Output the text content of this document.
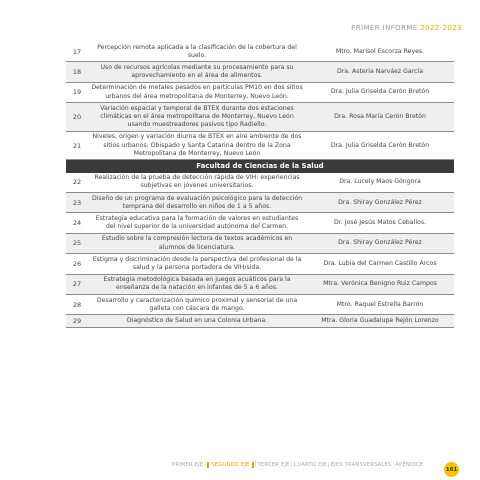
PRIMER INFORME 2022-2023
17	Percepción remota aplicada a la clasificación de la cobertura del suelo.	Mtro. Marisol Escorza Reyes.
18	Uso de recursos agrícolas mediante su procesamiento para su aprovechamiento en el área de alimentos.	Dra. Asteria Narváez García
19	Determinación de metales pesados en partículas PM10 en dos sitios urbanos del área metropolitana de Monterrey, Nuevo León.	Dra. Julia Griselda Cerón Bretón
20	Variación espacial y temporal de BTEX durante dos estaciones climáticas en el área metropolitana de Monterrey, Nuevo León usando muestreadores pasivos tipo Radiello.	Dra. Rosa María Cerón Bretón
21	Niveles, origen y variación diurna de BTEX en aire ambiente de dos sitios urbanos: Obispado y Santa Catarina dentro de la Zona Metropolitana de Monterrey, Nuevo León	Dra. Julia Griselda Cerón Bretón
Facultad de Ciencias de la Salud		
22	Realización de la prueba de detección rápida de VIH: experiencias subjetivas en jóvenes universitarios.	Dra. Lucely Maos Góngora
23	Diseño de un programa de evaluación psicológico para la detección temprana del desarrollo en niños de 1 a 5 años.	Dra. Shiray González Pérez
24	Estrategia educativa para la formación de valores en estudiantes del nivel superior de la universidad autónoma del Carmen.	Dr. José Jesús Matos Ceballos.
25	Estudio sobre la compresión lectora de textos académicos en alumnos de licenciatura.	Dra. Shiray González Pérez
26	Estigma y discriminación desde la perspectiva del profesional de la salud y la persona portadora de VIH/sida.	Dra. Lubia del Carmen Castillo Arcos
27	Estrategia metodológica basada en juegos acuáticos para la enseñanza de la natación en infantes de 5 a 6 años.	Mtra. Verónica Benigno Ruiz Campos
28	Desarrollo y caracterización químico proximal y sensorial de una galleta con cáscara de mango.	Mtro. Raquel Estrella Barrón
29	Diagnóstico de Salud en una Colonia Urbana.	Mtra. Gloria Guadalupe Rejón Lorenzo
PRIMER EJE | SEGUNDO EJE | TERCER EJE | CUARTO EJE | EJES TRANSVERSALES | APÉNDICE
161
